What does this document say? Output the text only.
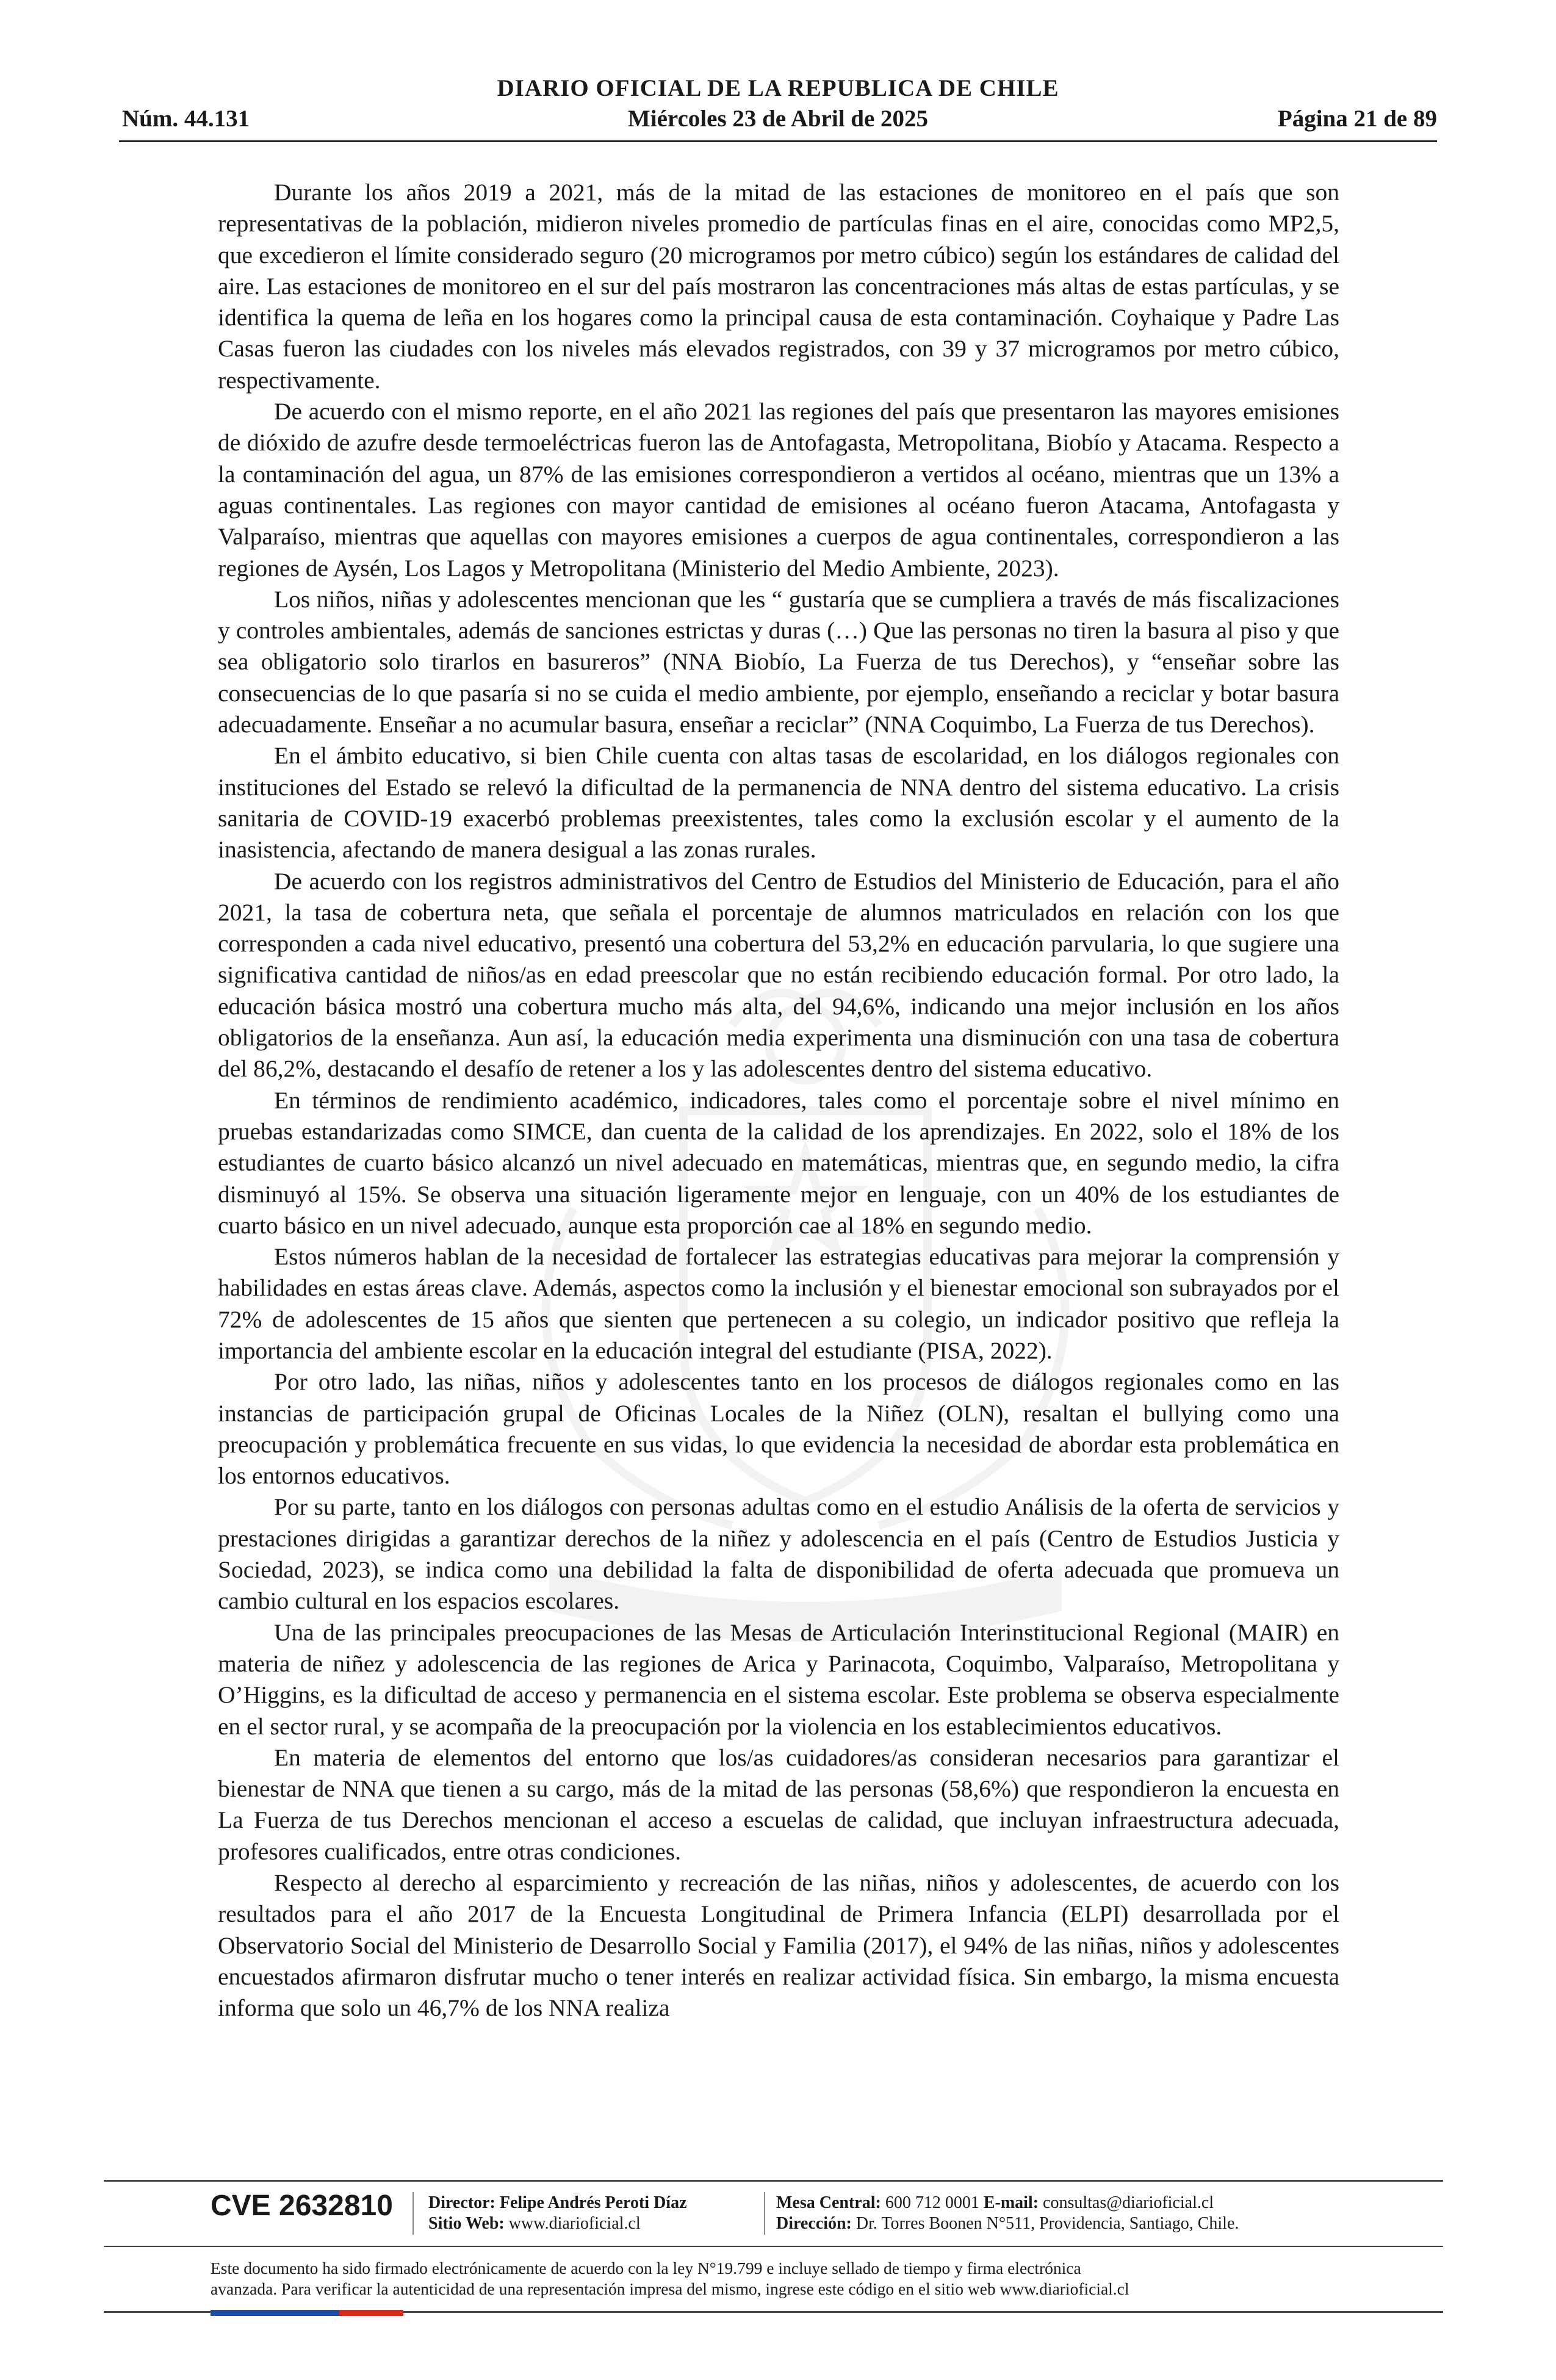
DIARIO OFICIAL DE LA REPUBLICA DE CHILE
Núm. 44.131	Miércoles 23 de Abril de 2025	Página 21 de 89

Durante los años 2019 a 2021, más de la mitad de las estaciones de monitoreo en el país que son representativas de la población, midieron niveles promedio de partículas finas en el aire, conocidas como MP2,5, que excedieron el límite considerado seguro (20 microgramos por metro cúbico) según los estándares de calidad del aire. Las estaciones de monitoreo en el sur del país mostraron las concentraciones más altas de estas partículas, y se identifica la quema de leña en los hogares como la principal causa de esta contaminación. Coyhaique y Padre Las Casas fueron las ciudades con los niveles más elevados registrados, con 39 y 37 microgramos por metro cúbico, respectivamente.

De acuerdo con el mismo reporte, en el año 2021 las regiones del país que presentaron las mayores emisiones de dióxido de azufre desde termoeléctricas fueron las de Antofagasta, Metropolitana, Biobío y Atacama. Respecto a la contaminación del agua, un 87% de las emisiones correspondieron a vertidos al océano, mientras que un 13% a aguas continentales. Las regiones con mayor cantidad de emisiones al océano fueron Atacama, Antofagasta y Valparaíso, mientras que aquellas con mayores emisiones a cuerpos de agua continentales, correspondieron a las regiones de Aysén, Los Lagos y Metropolitana (Ministerio del Medio Ambiente, 2023).

Los niños, niñas y adolescentes mencionan que les “ gustaría que se cumpliera a través de más fiscalizaciones y controles ambientales, además de sanciones estrictas y duras (…) Que las personas no tiren la basura al piso y que sea obligatorio solo tirarlos en basureros” (NNA Biobío, La Fuerza de tus Derechos), y “enseñar sobre las consecuencias de lo que pasaría si no se cuida el medio ambiente, por ejemplo, enseñando a reciclar y botar basura adecuadamente. Enseñar a no acumular basura, enseñar a reciclar” (NNA Coquimbo, La Fuerza de tus Derechos).

En el ámbito educativo, si bien Chile cuenta con altas tasas de escolaridad, en los diálogos regionales con instituciones del Estado se relevó la dificultad de la permanencia de NNA dentro del sistema educativo. La crisis sanitaria de COVID-19 exacerbó problemas preexistentes, tales como la exclusión escolar y el aumento de la inasistencia, afectando de manera desigual a las zonas rurales.

De acuerdo con los registros administrativos del Centro de Estudios del Ministerio de Educación, para el año 2021, la tasa de cobertura neta, que señala el porcentaje de alumnos matriculados en relación con los que corresponden a cada nivel educativo, presentó una cobertura del 53,2% en educación parvularia, lo que sugiere una significativa cantidad de niños/as en edad preescolar que no están recibiendo educación formal. Por otro lado, la educación básica mostró una cobertura mucho más alta, del 94,6%, indicando una mejor inclusión en los años obligatorios de la enseñanza. Aun así, la educación media experimenta una disminución con una tasa de cobertura del 86,2%, destacando el desafío de retener a los y las adolescentes dentro del sistema educativo.

En términos de rendimiento académico, indicadores, tales como el porcentaje sobre el nivel mínimo en pruebas estandarizadas como SIMCE, dan cuenta de la calidad de los aprendizajes. En 2022, solo el 18% de los estudiantes de cuarto básico alcanzó un nivel adecuado en matemáticas, mientras que, en segundo medio, la cifra disminuyó al 15%. Se observa una situación ligeramente mejor en lenguaje, con un 40% de los estudiantes de cuarto básico en un nivel adecuado, aunque esta proporción cae al 18% en segundo medio.

Estos números hablan de la necesidad de fortalecer las estrategias educativas para mejorar la comprensión y habilidades en estas áreas clave. Además, aspectos como la inclusión y el bienestar emocional son subrayados por el 72% de adolescentes de 15 años que sienten que pertenecen a su colegio, un indicador positivo que refleja la importancia del ambiente escolar en la educación integral del estudiante (PISA, 2022).

Por otro lado, las niñas, niños y adolescentes tanto en los procesos de diálogos regionales como en las instancias de participación grupal de Oficinas Locales de la Niñez (OLN), resaltan el bullying como una preocupación y problemática frecuente en sus vidas, lo que evidencia la necesidad de abordar esta problemática en los entornos educativos.

Por su parte, tanto en los diálogos con personas adultas como en el estudio Análisis de la oferta de servicios y prestaciones dirigidas a garantizar derechos de la niñez y adolescencia en el país (Centro de Estudios Justicia y Sociedad, 2023), se indica como una debilidad la falta de disponibilidad de oferta adecuada que promueva un cambio cultural en los espacios escolares.

Una de las principales preocupaciones de las Mesas de Articulación Interinstitucional Regional (MAIR) en materia de niñez y adolescencia de las regiones de Arica y Parinacota, Coquimbo, Valparaíso, Metropolitana y O’Higgins, es la dificultad de acceso y permanencia en el sistema escolar. Este problema se observa especialmente en el sector rural, y se acompaña de la preocupación por la violencia en los establecimientos educativos.

En materia de elementos del entorno que los/as cuidadores/as consideran necesarios para garantizar el bienestar de NNA que tienen a su cargo, más de la mitad de las personas (58,6%) que respondieron la encuesta en La Fuerza de tus Derechos mencionan el acceso a escuelas de calidad, que incluyan infraestructura adecuada, profesores cualificados, entre otras condiciones.

Respecto al derecho al esparcimiento y recreación de las niñas, niños y adolescentes, de acuerdo con los resultados para el año 2017 de la Encuesta Longitudinal de Primera Infancia (ELPI) desarrollada por el Observatorio Social del Ministerio de Desarrollo Social y Familia (2017), el 94% de las niñas, niños y adolescentes encuestados afirmaron disfrutar mucho o tener interés en realizar actividad física. Sin embargo, la misma encuesta informa que solo un 46,7% de los NNA realiza

CVE 2632810 Director: Felipe Andrés Peroti Díaz
Sitio Web: www.diarioficial.cl
Mesa Central: 600 712 0001 E-mail: consultas@diarioficial.cl
Dirección: Dr. Torres Boonen N°511, Providencia, Santiago, Chile.
Este documento ha sido firmado electrónicamente de acuerdo con la ley N°19.799 e incluye sellado de tiempo y firma electrónica
avanzada. Para verificar la autenticidad de una representación impresa del mismo, ingrese este código en el sitio web www.diarioficial.cl
